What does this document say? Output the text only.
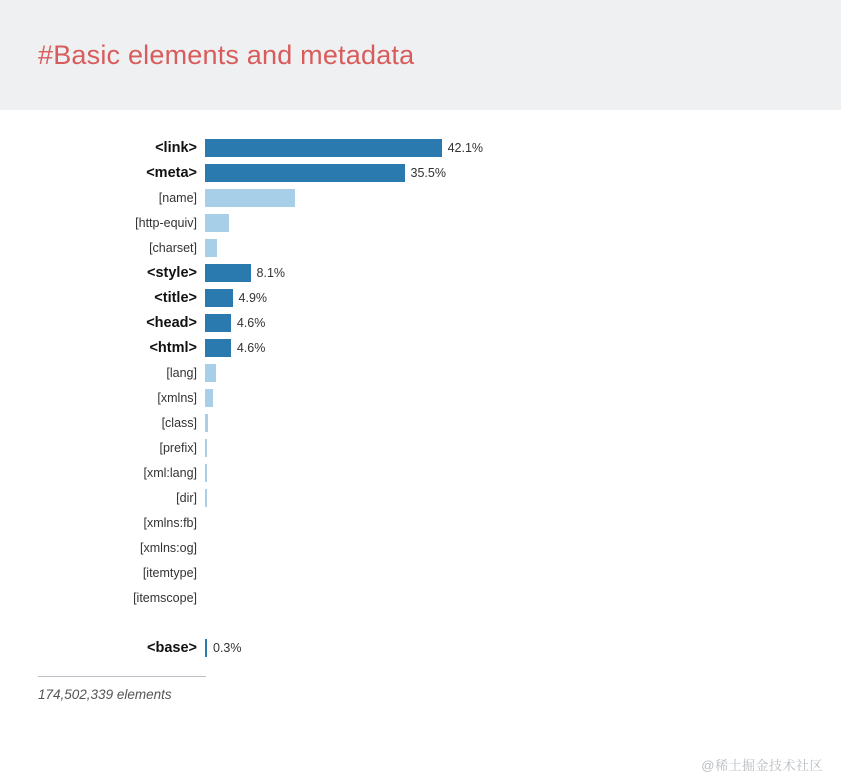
#Basic elements and metadata
<link>	42.1%
<meta>	35.5%
[name]
[http-equiv]
[charset]
<style>	8.1%
<title>	4.9%
<head>	4.6%
<html>	4.6%
[lang]
[xmlns]
[class]
[prefix]
[xml:lang]
[dir]
[xmlns:fb]
[xmlns:og]
[itemtype]
[itemscope]
<base>	0.3%
174,502,339 elements
@稀土掘金技术社区
